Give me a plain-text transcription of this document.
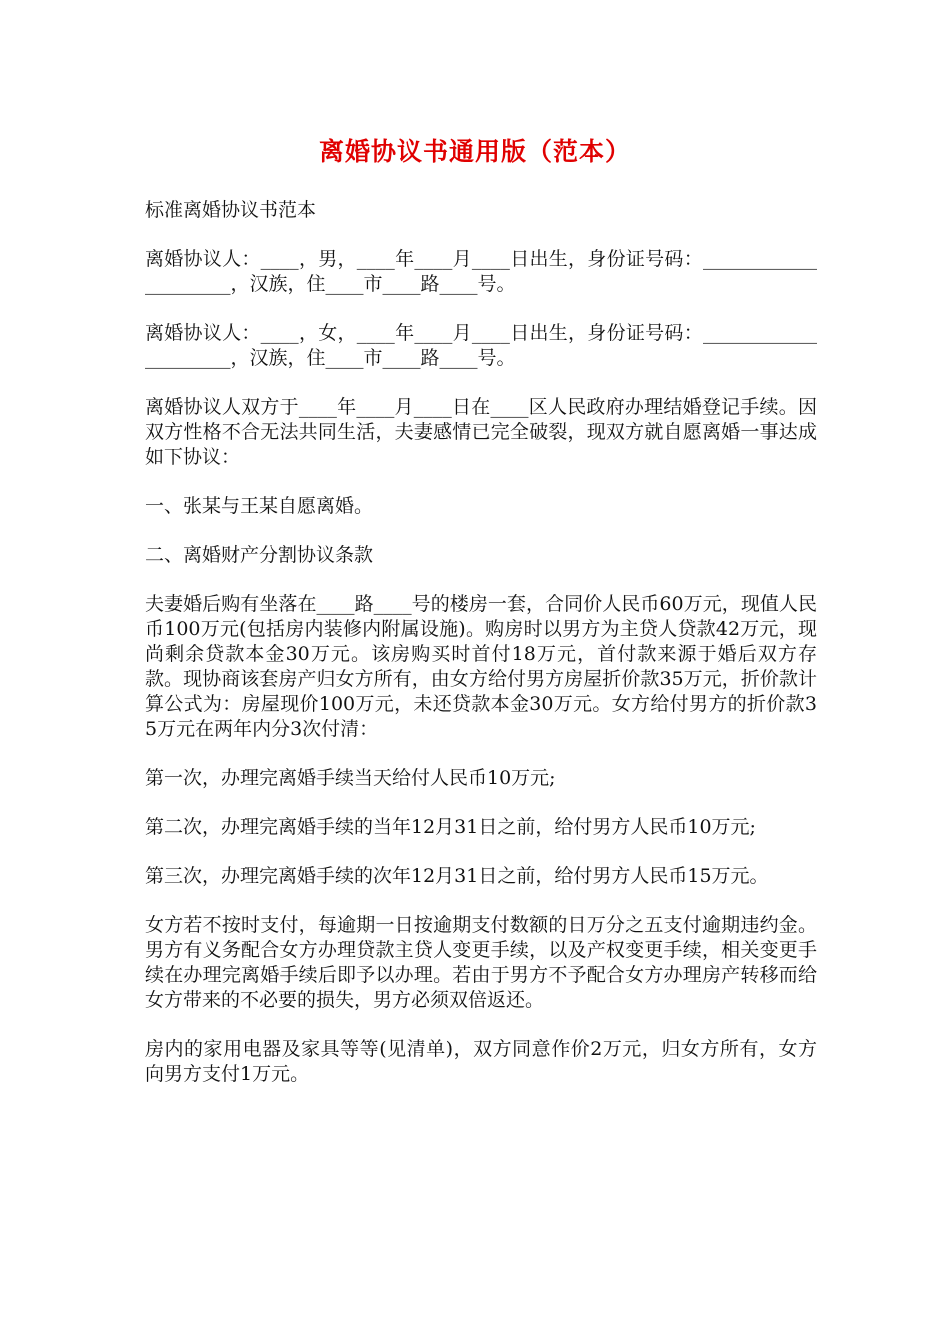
离婚协议书通用版（范本）

标准离婚协议书范本

离婚协议人：____，男，____年____月____日出生，身份证号码：_____________________，汉族，住____市____路____号。

离婚协议人：____，女，____年____月____日出生，身份证号码：_____________________，汉族，住____市____路____号。

离婚协议人双方于____年____月____日在____区人民政府办理结婚登记手续。因双方性格不合无法共同生活，夫妻感情已完全破裂，现双方就自愿离婚一事达成如下协议：

一、张某与王某自愿离婚。

二、离婚财产分割协议条款

夫妻婚后购有坐落在____路____号的楼房一套，合同价人民币60万元，现值人民币100万元(包括房内装修内附属设施)。购房时以男方为主贷人贷款42万元，现尚剩余贷款本金30万元。该房购买时首付18万元，首付款来源于婚后双方存款。现协商该套房产归女方所有，由女方给付男方房屋折价款35万元，折价款计算公式为：房屋现价100万元，未还贷款本金30万元。女方给付男方的折价款35万元在两年内分3次付清：

第一次，办理完离婚手续当天给付人民币10万元;

第二次，办理完离婚手续的当年12月31日之前，给付男方人民币10万元;

第三次，办理完离婚手续的次年12月31日之前，给付男方人民币15万元。

女方若不按时支付，每逾期一日按逾期支付数额的日万分之五支付逾期违约金。男方有义务配合女方办理贷款主贷人变更手续，以及产权变更手续，相关变更手续在办理完离婚手续后即予以办理。若由于男方不予配合女方办理房产转移而给女方带来的不必要的损失，男方必须双倍返还。

房内的家用电器及家具等等(见清单)，双方同意作价2万元，归女方所有，女方向男方支付1万元。
